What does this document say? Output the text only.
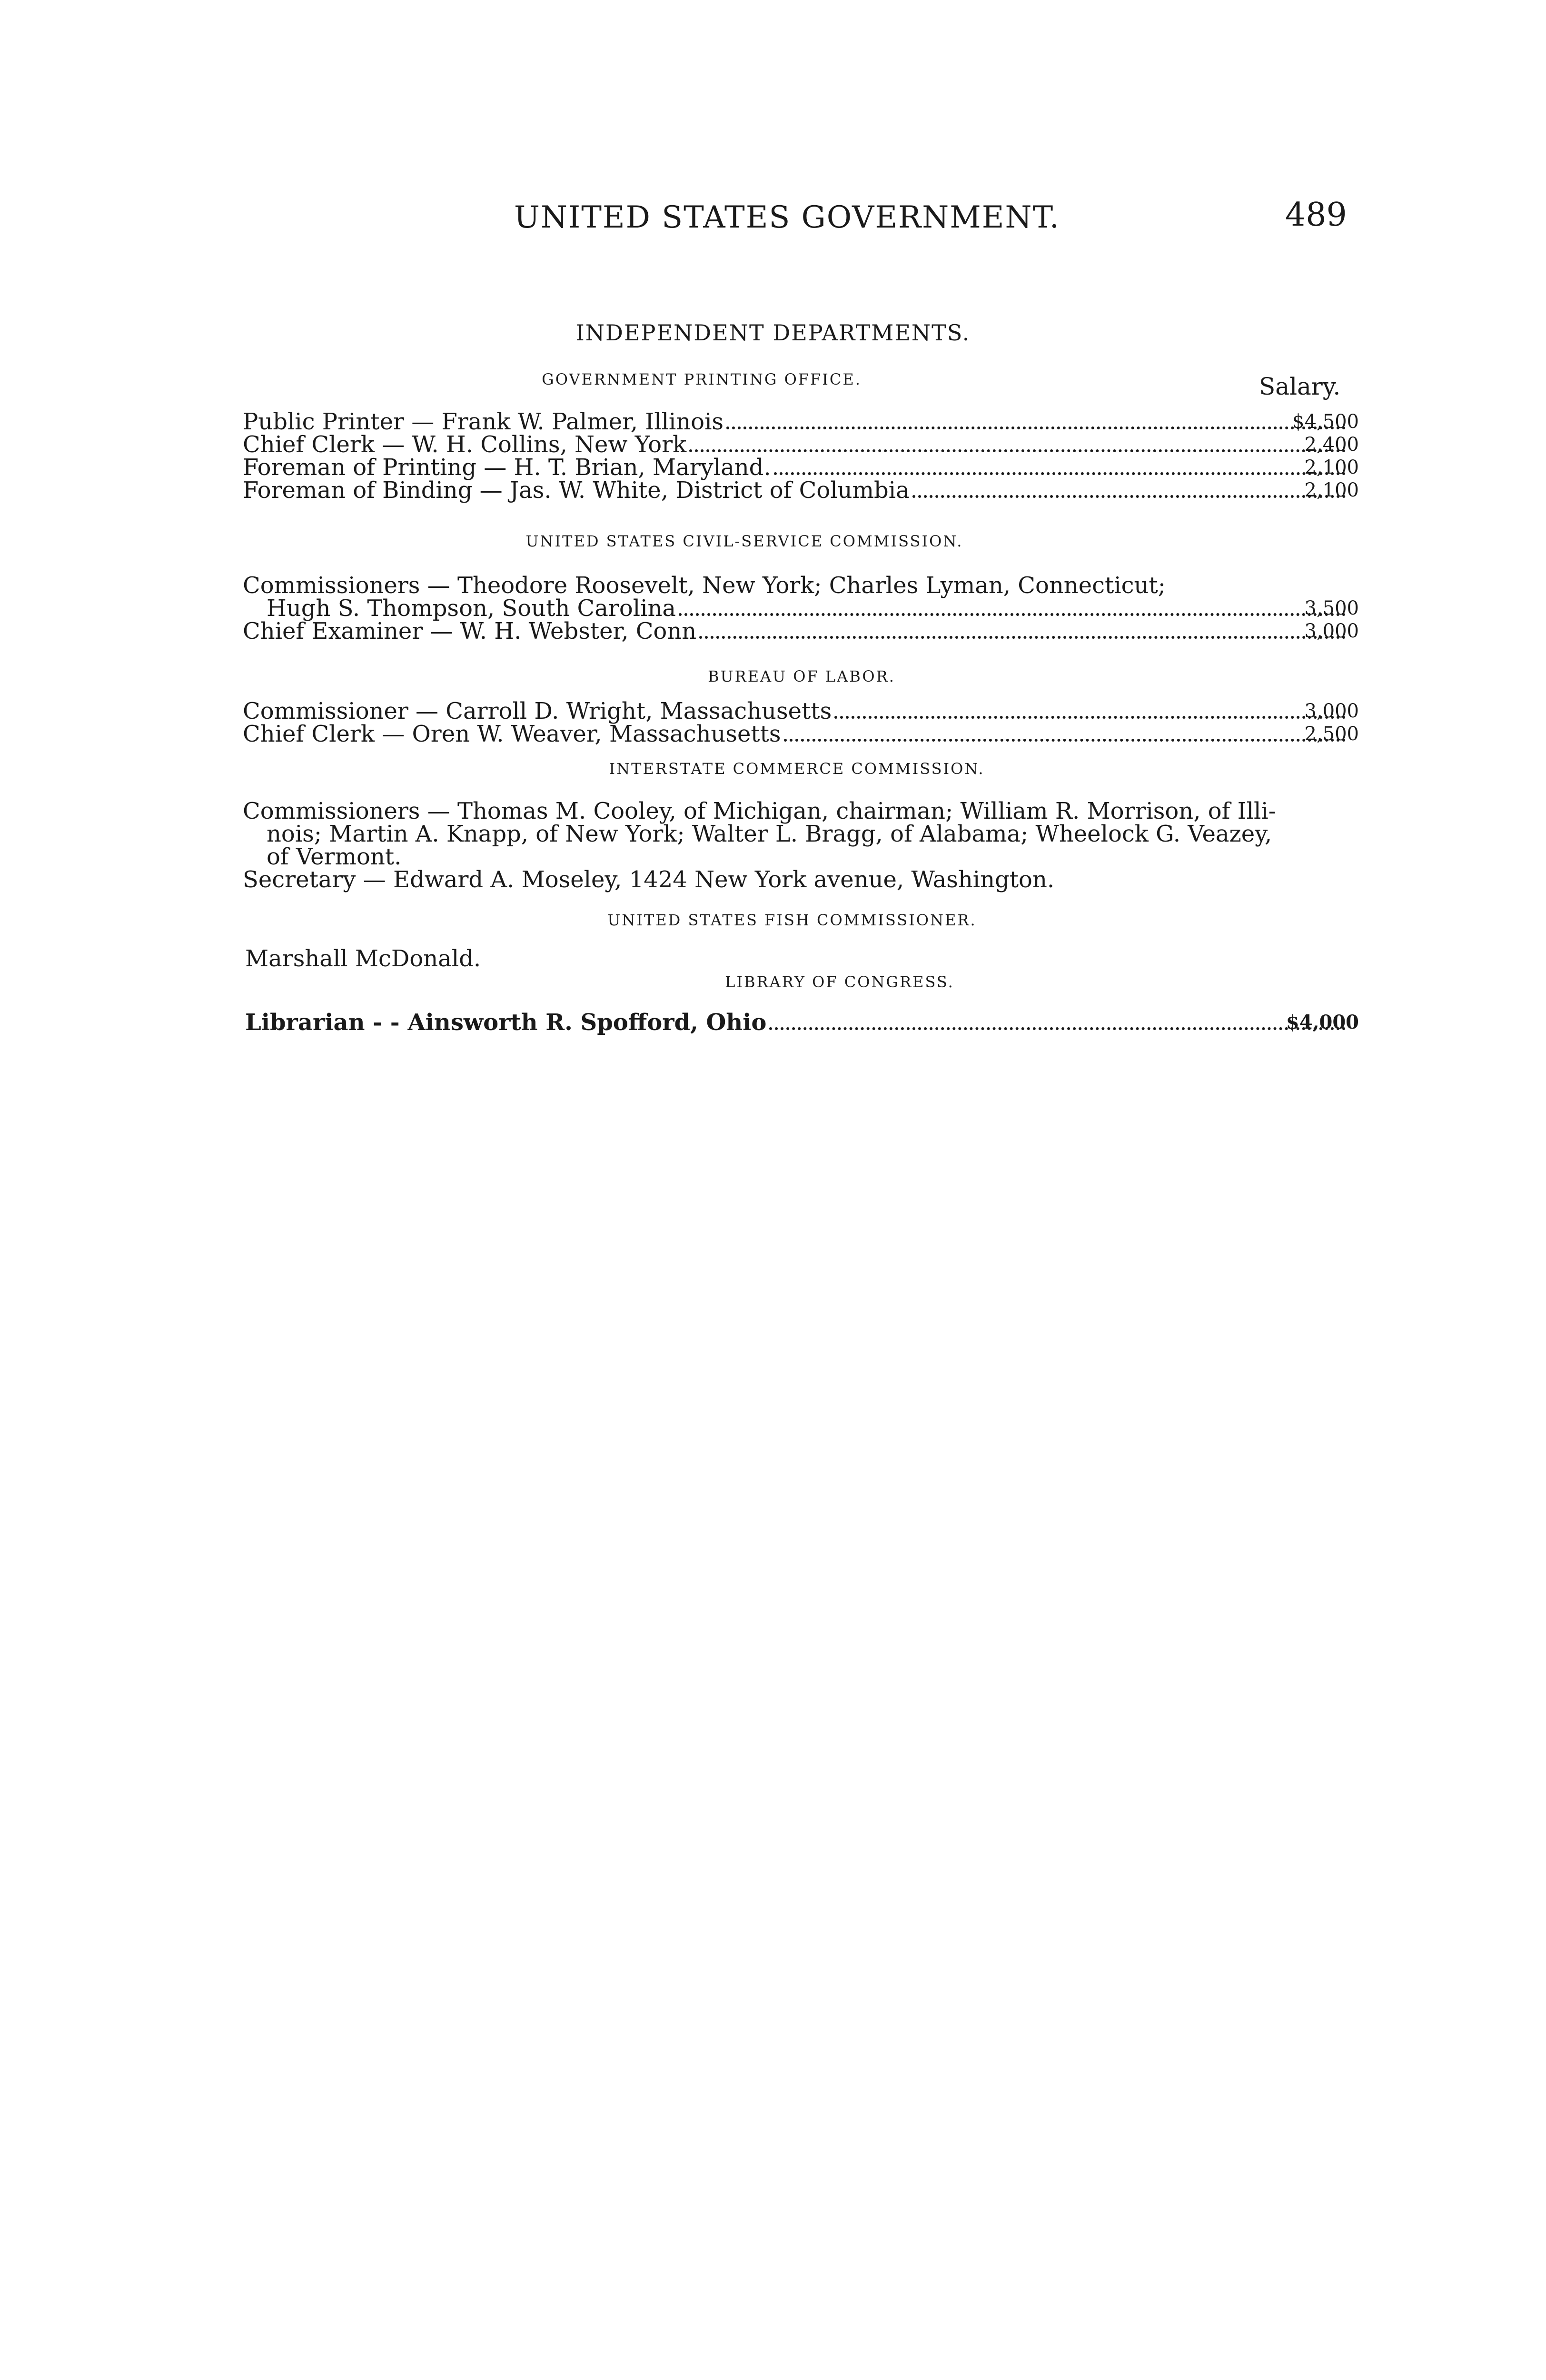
UNITED STATES GOVERNMENT.	489
INDEPENDENT DEPARTMENTS.
GOVERNMENT PRINTING OFFICE.	Salary.
Public Printer — Frank W. Palmer, Illinois	$4,500
Chief Clerk — W. H. Collins, New York	2,400
Foreman of Printing — H. T. Brian, Maryland.	2,100
Foreman of Binding — Jas. W. White, District of Columbia	2,100
UNITED STATES CIVIL-SERVICE COMMISSION.
Commissioners — Theodore Roosevelt, New York; Charles Lyman, Connecticut;
Hugh S. Thompson, South Carolina	3,500
Chief Examiner — W. H. Webster, Conn	3,000
BUREAU OF LABOR.
Commissioner — Carroll D. Wright, Massachusetts	3,000
Chief Clerk — Oren W. Weaver, Massachusetts	2,500
INTERSTATE COMMERCE COMMISSION.
Commissioners — Thomas M. Cooley, of Michigan, chairman; William R. Morrison, of Illi-
nois; Martin A. Knapp, of New York; Walter L. Bragg, of Alabama; Wheelock G. Veazey,
of Vermont.
Secretary — Edward A. Moseley, 1424 New York avenue, Washington.
UNITED STATES FISH COMMISSIONER.
Marshall McDonald.
LIBRARY OF CONGRESS.
Librarian - - Ainsworth R. Spofford, Ohio	$4,000
